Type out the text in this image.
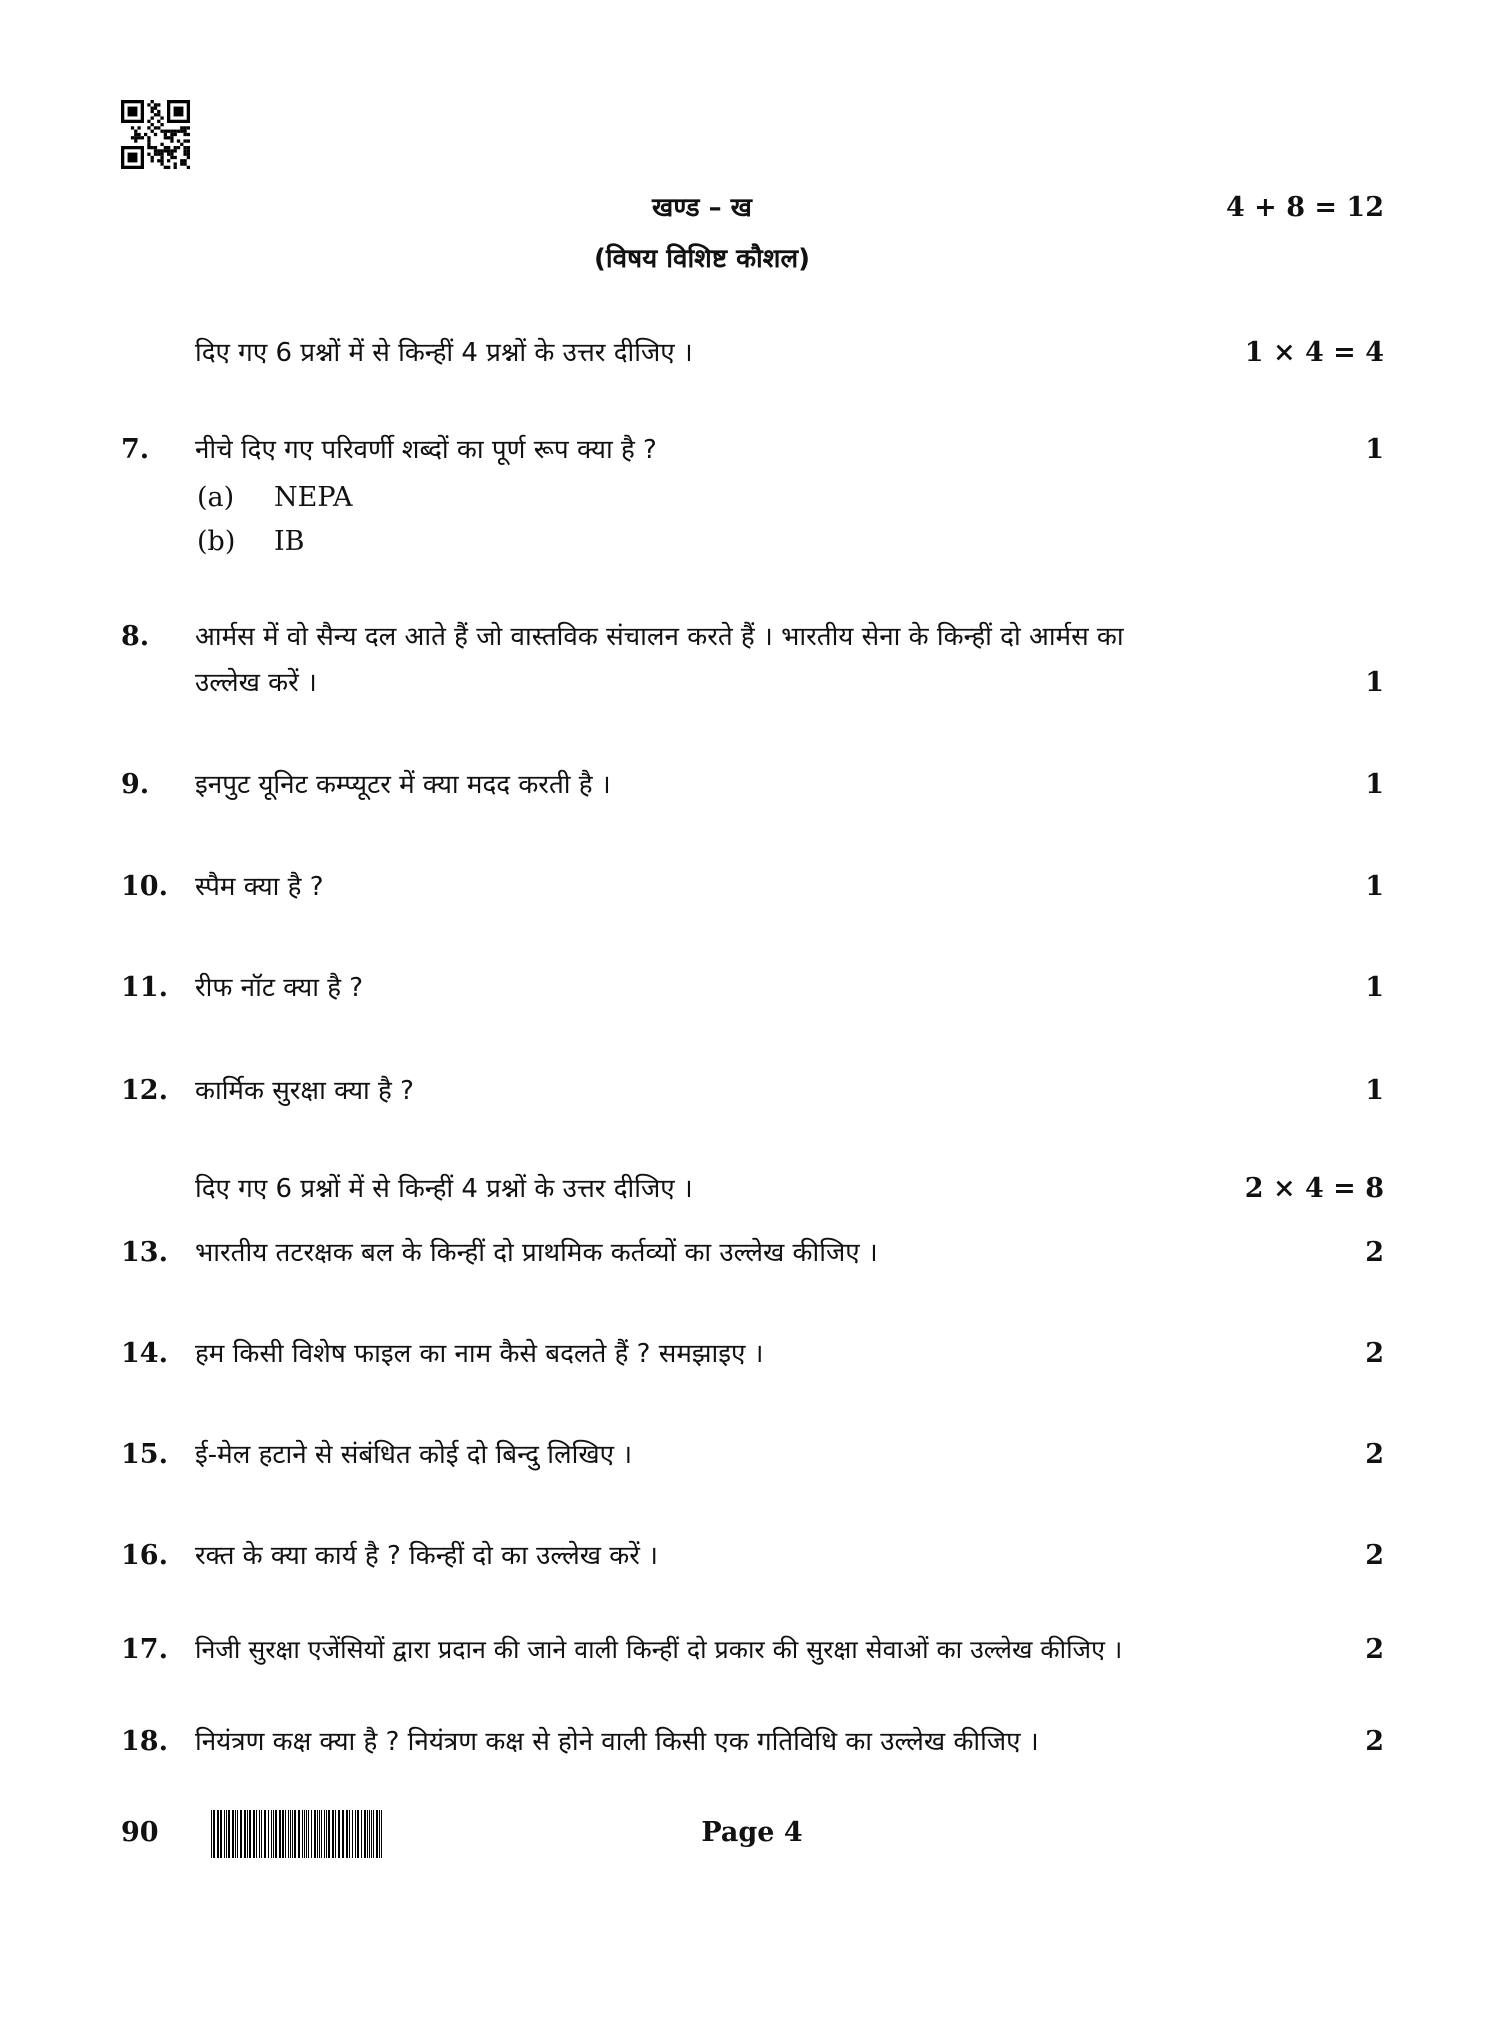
खण्ड – ख	4 + 8 = 12
(विषय विशिष्ट कौशल)
दिए गए 6 प्रश्नों में से किन्हीं 4 प्रश्नों के उत्तर दीजिए ।	1 × 4 = 4
7. नीचे दिए गए परिवर्णी शब्दों का पूर्ण रूप क्या है ?	1
(a) NEPA
(b) IB
8. आर्मस में वो सैन्य दल आते हैं जो वास्तविक संचालन करते हैं । भारतीय सेना के किन्हीं दो आर्मस का
उल्लेख करें ।	1
9. इनपुट यूनिट कम्प्यूटर में क्या मदद करती है ।	1
10. स्पैम क्या है ?	1
11. रीफ नॉट क्या है ?	1
12. कार्मिक सुरक्षा क्या है ?	1
दिए गए 6 प्रश्नों में से किन्हीं 4 प्रश्नों के उत्तर दीजिए ।	2 × 4 = 8
13. भारतीय तटरक्षक बल के किन्हीं दो प्राथमिक कर्तव्यों का उल्लेख कीजिए ।	2
14. हम किसी विशेष फाइल का नाम कैसे बदलते हैं ? समझाइए ।	2
15. ई-मेल हटाने से संबंधित कोई दो बिन्दु लिखिए ।	2
16. रक्त के क्या कार्य है ? किन्हीं दो का उल्लेख करें ।	2
17. निजी सुरक्षा एजेंसियों द्वारा प्रदान की जाने वाली किन्हीं दो प्रकार की सुरक्षा सेवाओं का उल्लेख कीजिए ।	2
18. नियंत्रण कक्ष क्या है ? नियंत्रण कक्ष से होने वाली किसी एक गतिविधि का उल्लेख कीजिए ।	2
90	Page 4
